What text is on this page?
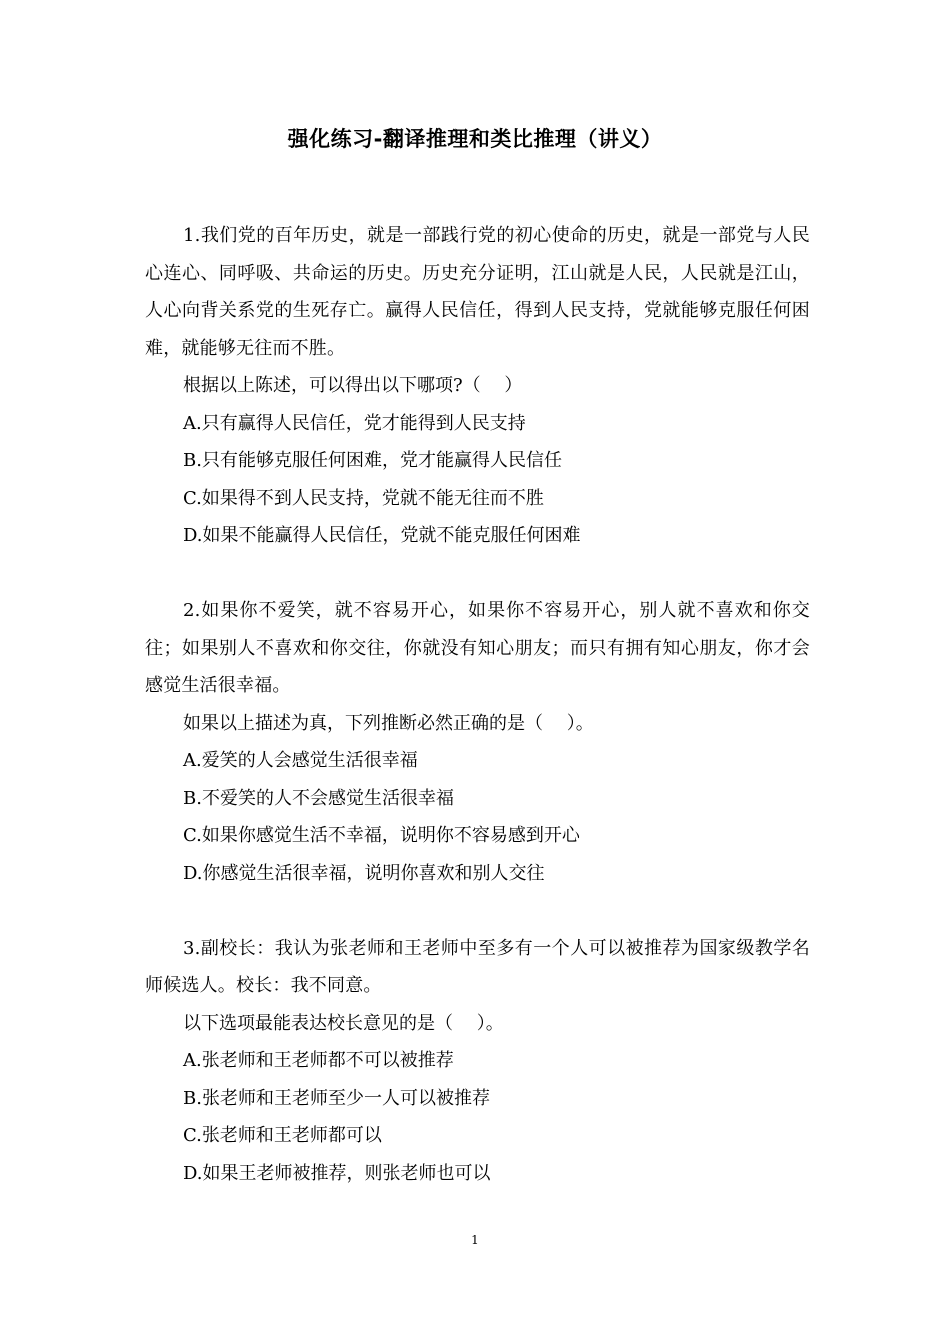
强化练习-翻译推理和类比推理（讲义）
1.我们党的百年历史，就是一部践行党的初心使命的历史，就是一部党与人民心连心、同呼吸、共命运的历史。历史充分证明，江山就是人民，人民就是江山，人心向背关系党的生死存亡。赢得人民信任，得到人民支持，党就能够克服任何困难，就能够无往而不胜。
根据以上陈述，可以得出以下哪项?（　 ）
A.只有赢得人民信任，党才能得到人民支持
B.只有能够克服任何困难，党才能赢得人民信任
C.如果得不到人民支持，党就不能无往而不胜
D.如果不能赢得人民信任，党就不能克服任何困难
2.如果你不爱笑，就不容易开心，如果你不容易开心，别人就不喜欢和你交往；如果别人不喜欢和你交往，你就没有知心朋友；而只有拥有知心朋友，你才会感觉生活很幸福。
如果以上描述为真，下列推断必然正确的是（　 ）。
A.爱笑的人会感觉生活很幸福
B.不爱笑的人不会感觉生活很幸福
C.如果你感觉生活不幸福，说明你不容易感到开心
D.你感觉生活很幸福，说明你喜欢和别人交往
3.副校长：我认为张老师和王老师中至多有一个人可以被推荐为国家级教学名师候选人。校长：我不同意。
以下选项最能表达校长意见的是（　 ）。
A.张老师和王老师都不可以被推荐
B.张老师和王老师至少一人可以被推荐
C.张老师和王老师都可以
D.如果王老师被推荐，则张老师也可以
1
